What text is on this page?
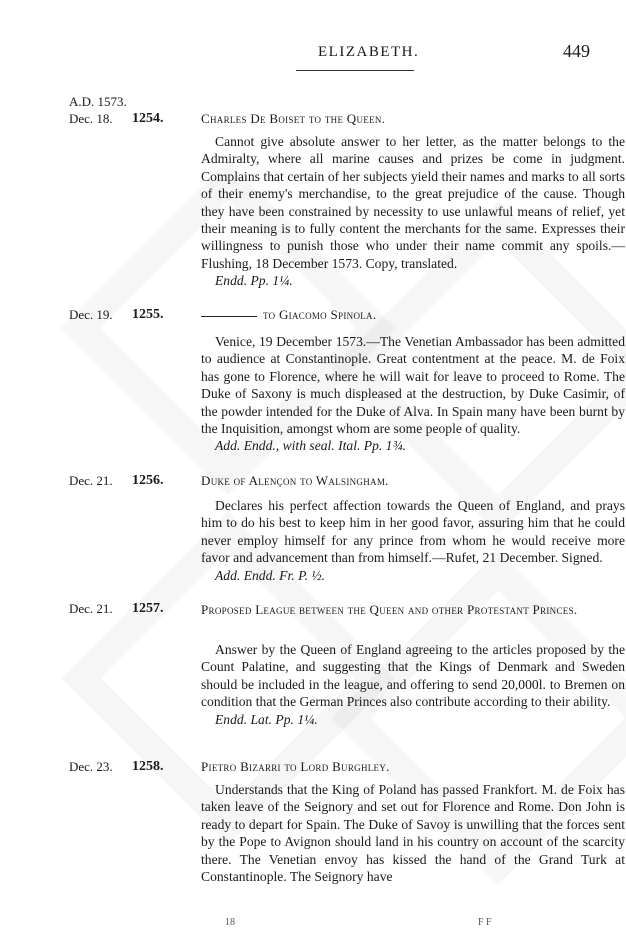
ELIZABETH.	449
A.D. 1573.
Dec. 18. 1254.	Charles De Boiset to the Queen.
Cannot give absolute answer to her letter, as the matter belongs to the Admiralty, where all marine causes and prizes be come in judgment. Complains that certain of her subjects yield their names and marks to all sorts of their enemy's merchandise, to the great prejudice of the cause. Though they have been constrained by necessity to use unlawful means of relief, yet their meaning is to fully content the merchants for the same. Expresses their willingness to punish those who under their name commit any spoils.—Flushing, 18 December 1573. Copy, translated.
Endd. Pp. 1¼.
Dec. 19. 1255.	to Giacomo Spinola.
Venice, 19 December 1573.—The Venetian Ambassador has been admitted to audience at Constantinople. Great contentment at the peace. M. de Foix has gone to Florence, where he will wait for leave to proceed to Rome. The Duke of Saxony is much displeased at the destruction, by Duke Casimir, of the powder intended for the Duke of Alva. In Spain many have been burnt by the Inquisition, amongst whom are some people of quality.
Add. Endd., with seal. Ital. Pp. 1¾.
Dec. 21. 1256.	Duke of Alençon to Walsingham.
Declares his perfect affection towards the Queen of England, and prays him to do his best to keep him in her good favor, assuring him that he could never employ himself for any prince from whom he would receive more favor and advancement than from himself.—Rufet, 21 December. Signed.
Add. Endd. Fr. P. ½.
Dec. 21. 1257.	Proposed League between the Queen and other Protestant Princes.
Answer by the Queen of England agreeing to the articles proposed by the Count Palatine, and suggesting that the Kings of Denmark and Sweden should be included in the league, and offering to send 20,000l. to Bremen on condition that the German Princes also contribute according to their ability.
Endd. Lat. Pp. 1¼.
Dec. 23. 1258.	Pietro Bizarri to Lord Burghley.
Understands that the King of Poland has passed Frankfort. M. de Foix has taken leave of the Seignory and set out for Florence and Rome. Don John is ready to depart for Spain. The Duke of Savoy is unwilling that the forces sent by the Pope to Avignon should land in his country on account of the scarcity there. The Venetian envoy has kissed the hand of the Grand Turk at Constantinople. The Seignory have
18	F F
